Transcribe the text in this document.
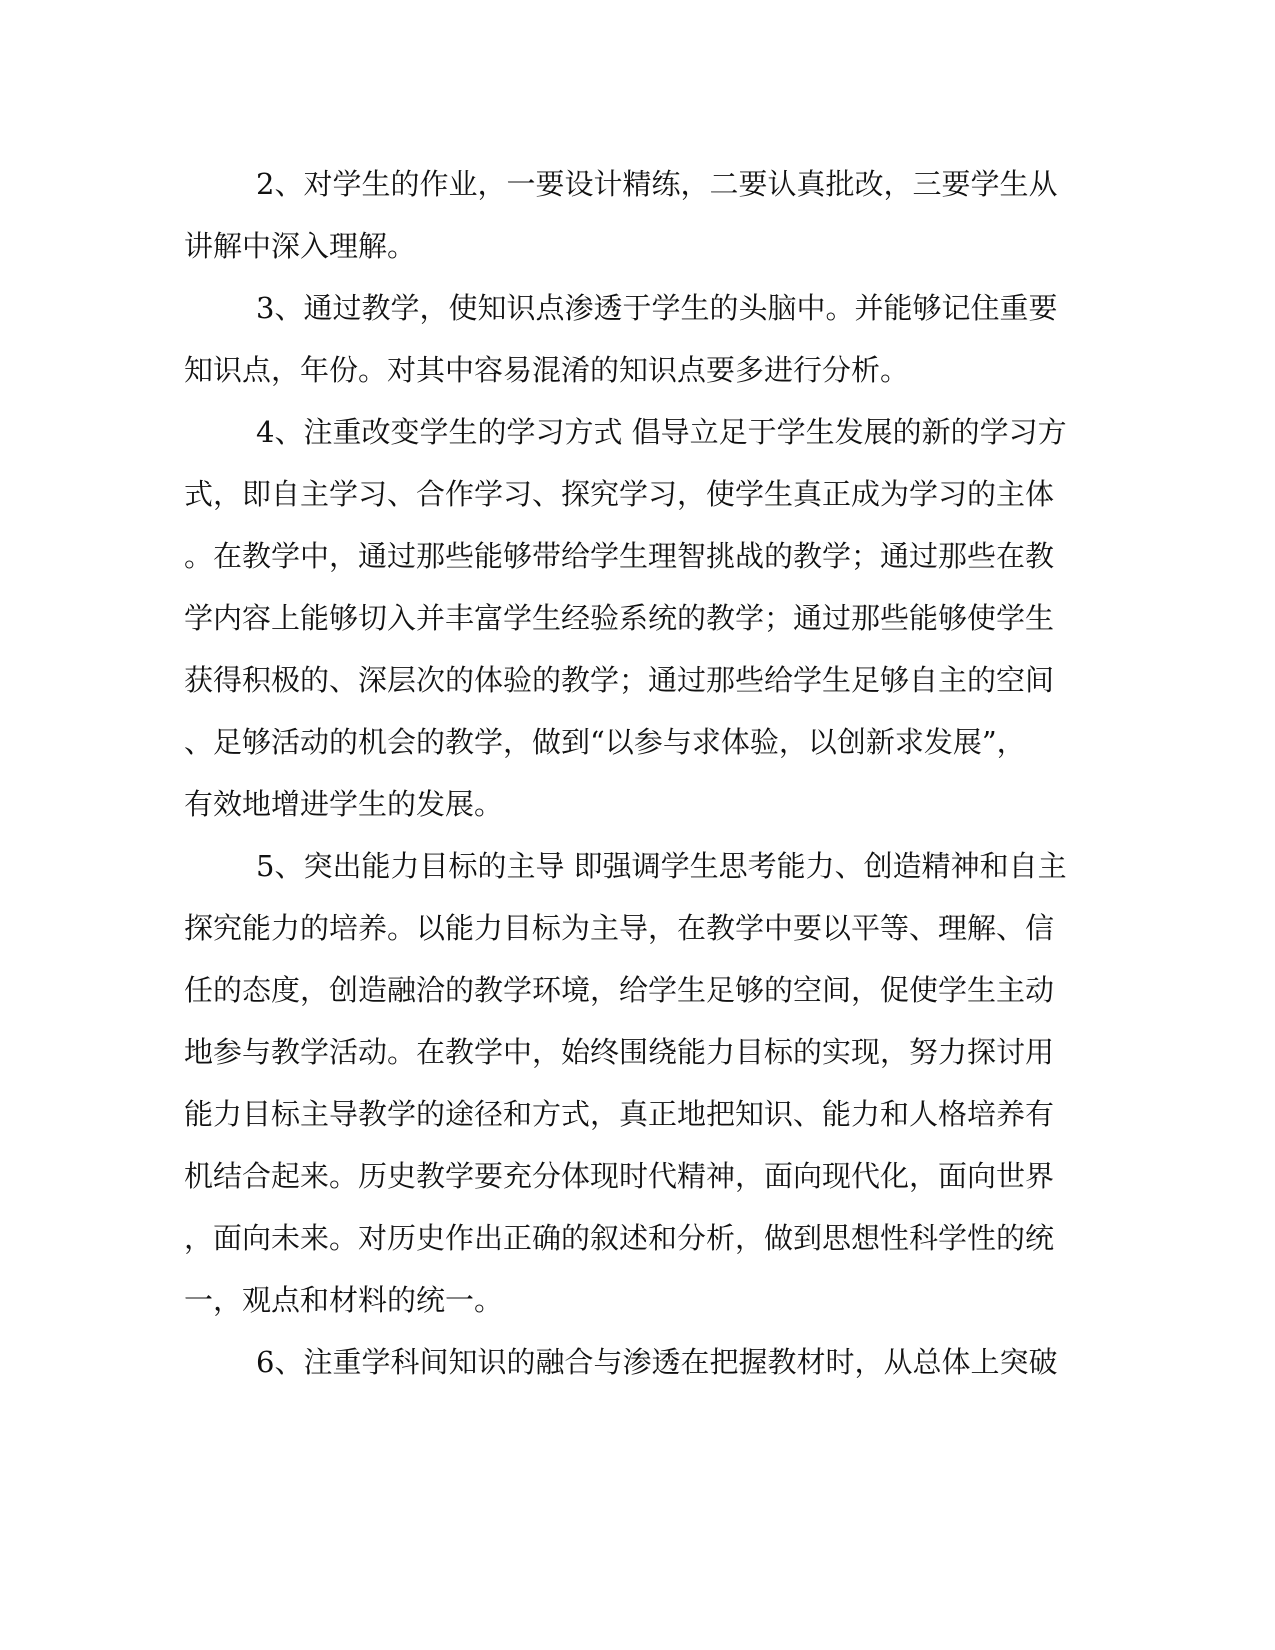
2、对学生的作业，一要设计精练，二要认真批改，三要学生从
讲解中深入理解。
3、通过教学，使知识点渗透于学生的头脑中。并能够记住重要
知识点，年份。对其中容易混淆的知识点要多进行分析。
4、注重改变学生的学习方式 倡导立足于学生发展的新的学习方
式，即自主学习、合作学习、探究学习，使学生真正成为学习的主体
。在教学中，通过那些能够带给学生理智挑战的教学；通过那些在教
学内容上能够切入并丰富学生经验系统的教学；通过那些能够使学生
获得积极的、深层次的体验的教学；通过那些给学生足够自主的空间
、足够活动的机会的教学，做到“以参与求体验，以创新求发展”，
有效地增进学生的发展。
5、突出能力目标的主导 即强调学生思考能力、创造精神和自主
探究能力的培养。以能力目标为主导，在教学中要以平等、理解、信
任的态度，创造融洽的教学环境，给学生足够的空间，促使学生主动
地参与教学活动。在教学中，始终围绕能力目标的实现，努力探讨用
能力目标主导教学的途径和方式，真正地把知识、能力和人格培养有
机结合起来。历史教学要充分体现时代精神，面向现代化，面向世界
，面向未来。对历史作出正确的叙述和分析，做到思想性科学性的统
一，观点和材料的统一。
6、注重学科间知识的融合与渗透在把握教材时，从总体上突破
